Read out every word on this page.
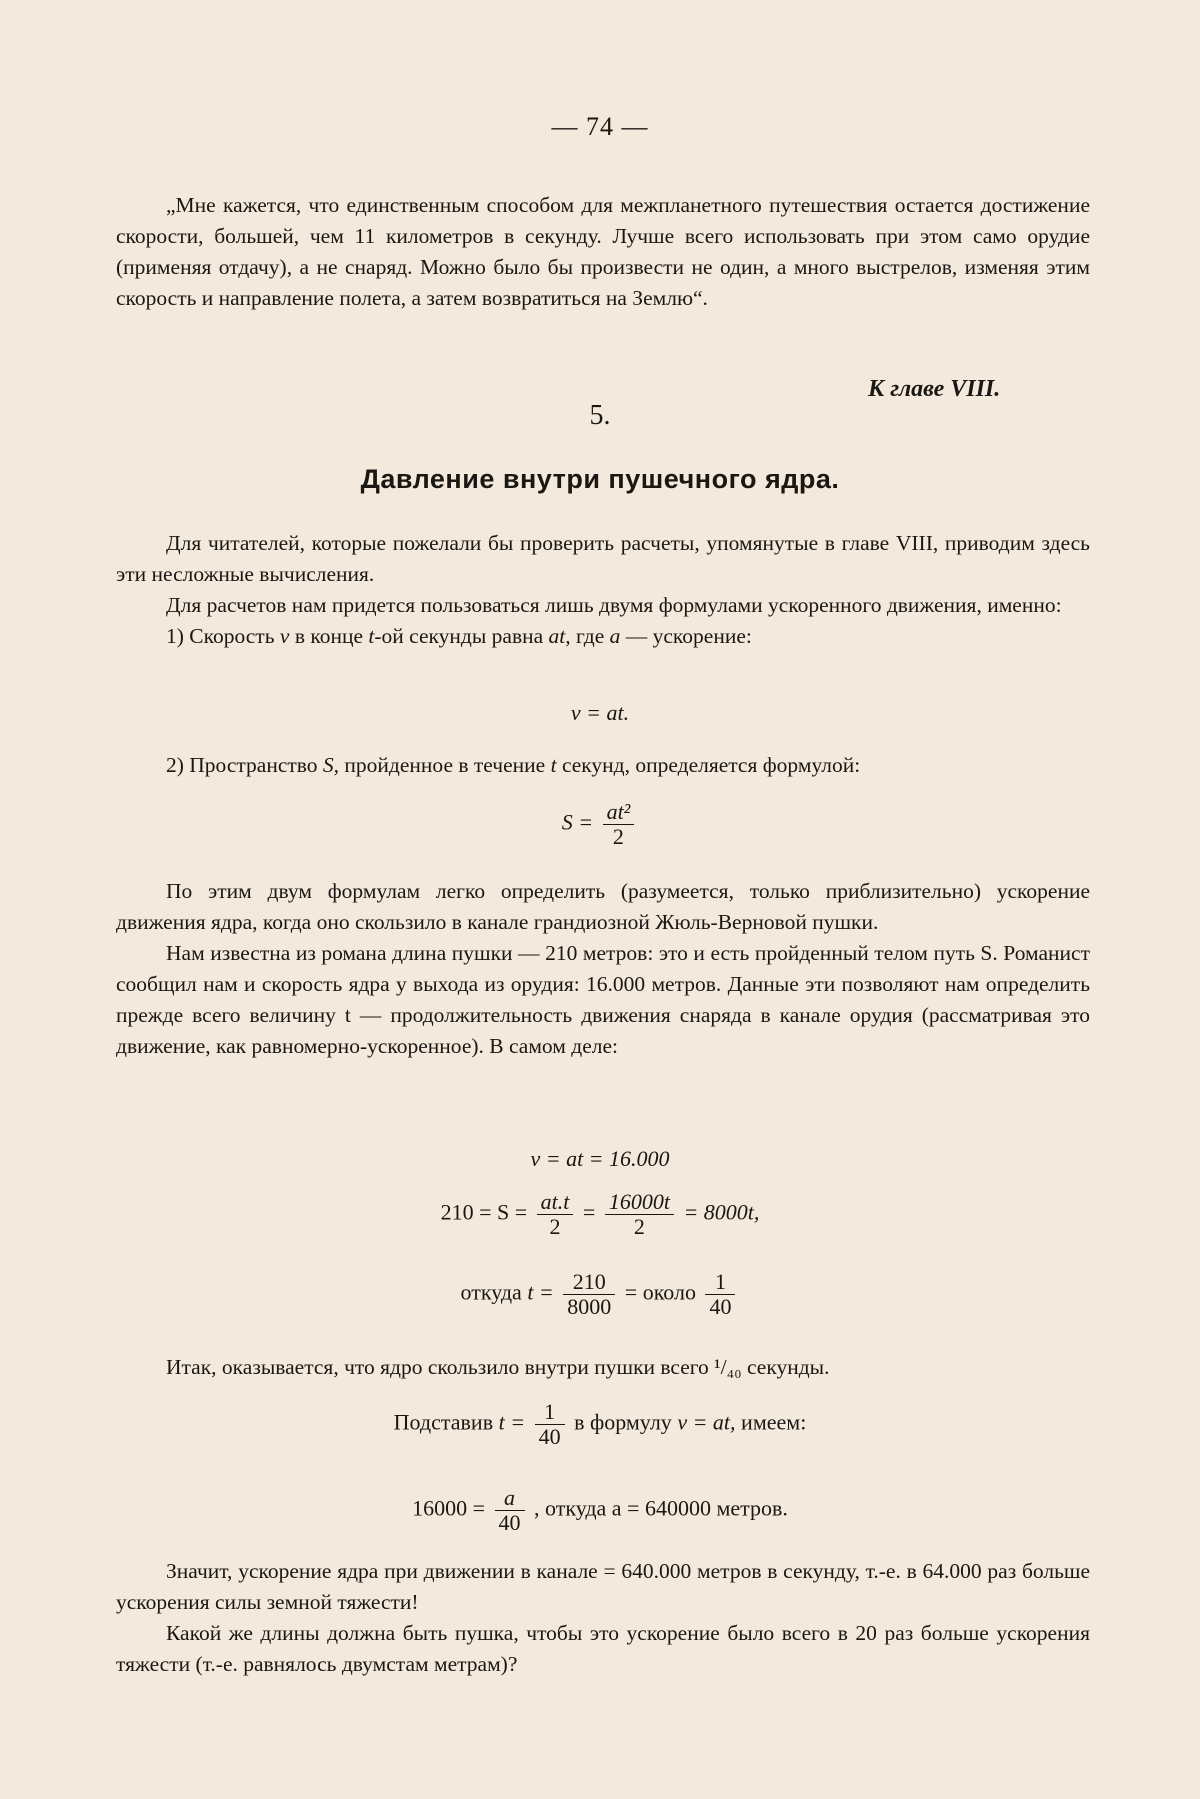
— 74 —

„Мне кажется, что единственным способом для межпланетного путешествия остается достижение скорости, большей, чем 11 километров в секунду. Лучше всего использовать при этом само орудие (применяя отдачу), а не снаряд. Можно было бы произвести не один, а много выстрелов, изменяя этим скорость и направление полета, а затем возвратиться на Землю“.

К главе VIII.
5.
Давление внутри пушечного ядра.

Для читателей, которые пожелали бы проверить расчеты, упомянутые в главе VIII, приводим здесь эти несложные вычисления.

Для расчетов нам придется пользоваться лишь двумя формулами ускоренного движения, именно:

1) Скорость v в конце t-ой секунды равна at, где a — ускорение:

v = at.

2) Пространство S, пройденное в течение t секунд, определяется формулой:

$S = \frac{\text{at²}}{2}$

По этим двум формулам легко определить (разумеется, только приблизительно) ускорение движения ядра, когда оно скользило в канале грандиозной Жюль-Верновой пушки.

Нам известна из романа длина пушки — 210 метров: это и есть пройденный телом путь S. Романист сообщил нам и скорость ядра у выхода из орудия: 16.000 метров. Данные эти позволяют нам определить прежде всего величину t — продолжительность движения снаряда в канале орудия (рассматривая это движение, как равномерно-ускоренное). В самом деле:

v = at = 16.000
$210 = S = \frac{at.t}{2} = \frac{16000t}{2} = 8000t$,
откуда $t = \frac{210}{8000}$ = около $\frac{1}{40}$

Итак, оказывается, что ядро скользило внутри пушки всего ¹/₄₀ секунды.

Подставив $t = \frac{1}{40}$ в формулу v = at, имеем:
$16000 = \frac{a}{40}$ , откуда a = 640000 метров.

Значит, ускорение ядра при движении в канале = 640.000 метров в секунду, т.-е. в 64.000 раз больше ускорения силы земной тяжести!

Какой же длины должна быть пушка, чтобы это ускорение было всего в 20 раз больше ускорения тяжести (т.-е. равнялось двумстам метрам)?
